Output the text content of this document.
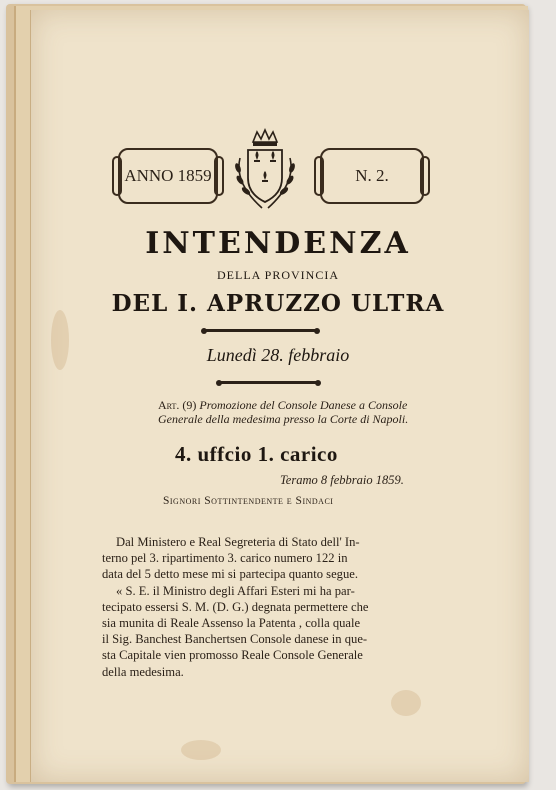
ANNO 1859	N. 2.
INTENDENZA
DELLA PROVINCIA
DEL I. APRUZZO ULTRA
Lunedì 28. febbraio
Art. (9) Promozione del Console Danese a Console
Generale della medesima presso la Corte di Napoli.
4. uffcio 1. carico
Teramo 8 febbraio 1859.
Signori Sottintendente e Sindaci
Dal Ministero e Real Segreteria di Stato dell' In-
terno pel 3. ripartimento 3. carico numero 122 in
data del 5 detto mese mi si partecipa quanto segue.
« S. E. il Ministro degli Affari Esteri mi ha par-
tecipato essersi S. M. (D. G.) degnata permettere che
sia munita di Reale Assenso la Patenta , colla quale
il Sig. Banchest Banchertsen Console danese in que-
sta Capitale vien promosso Reale Console Generale
della medesima.
